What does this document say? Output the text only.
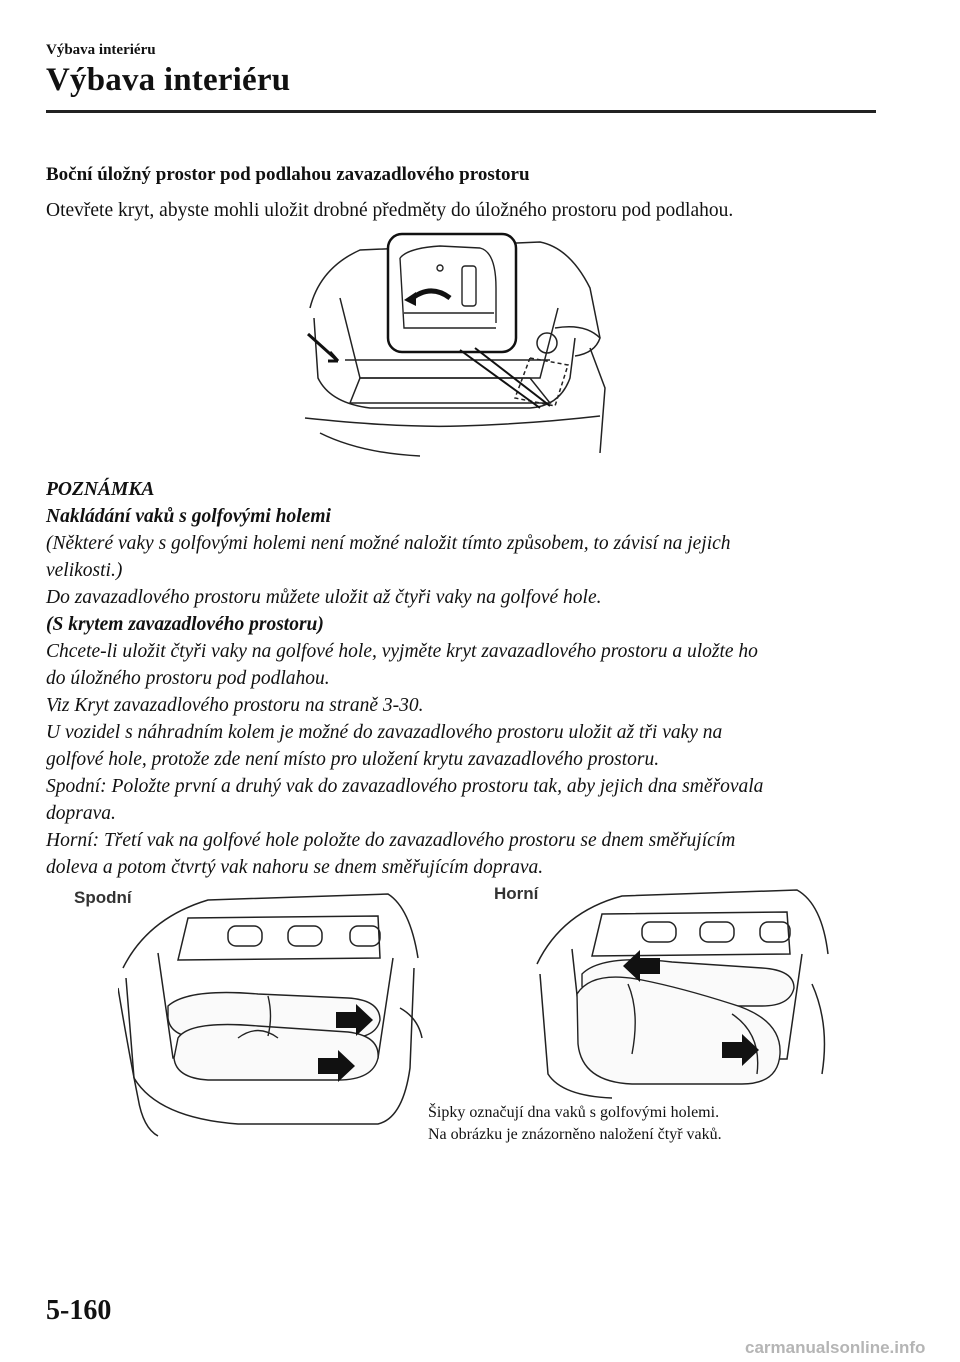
Výbava interiéru
Výbava interiéru
Boční úložný prostor pod podlahou zavazadlového prostoru
Otevřete kryt, abyste mohli uložit drobné předměty do úložného prostoru pod podlahou.

POZNÁMKA

Nakládání vaků s golfovými holemi

(Některé vaky s golfovými holemi není možné naložit tímto způsobem, to závisí na jejich

velikosti.)

Do zavazadlového prostoru můžete uložit až čtyři vaky na golfové hole.

(S krytem zavazadlového prostoru)

Chcete-li uložit čtyři vaky na golfové hole, vyjměte kryt zavazadlového prostoru a uložte ho

do úložného prostoru pod podlahou.

Viz Kryt zavazadlového prostoru na straně 3-30.

U vozidel s náhradním kolem je možné do zavazadlového prostoru uložit až tři vaky na

golfové hole, protože zde není místo pro uložení krytu zavazadlového prostoru.

Spodní: Položte první a druhý vak do zavazadlového prostoru tak, aby jejich dna směřovala

doprava.

Horní: Třetí vak na golfové hole položte do zavazadlového prostoru se dnem směřujícím

doleva a potom čtvrtý vak nahoru se dnem směřujícím doprava.

Spodní	Horní

Šipky označují dna vaků s golfovými holemi.

Na obrázku je znázorněno naložení čtyř vaků.

5-160
carmanualsonline.info
